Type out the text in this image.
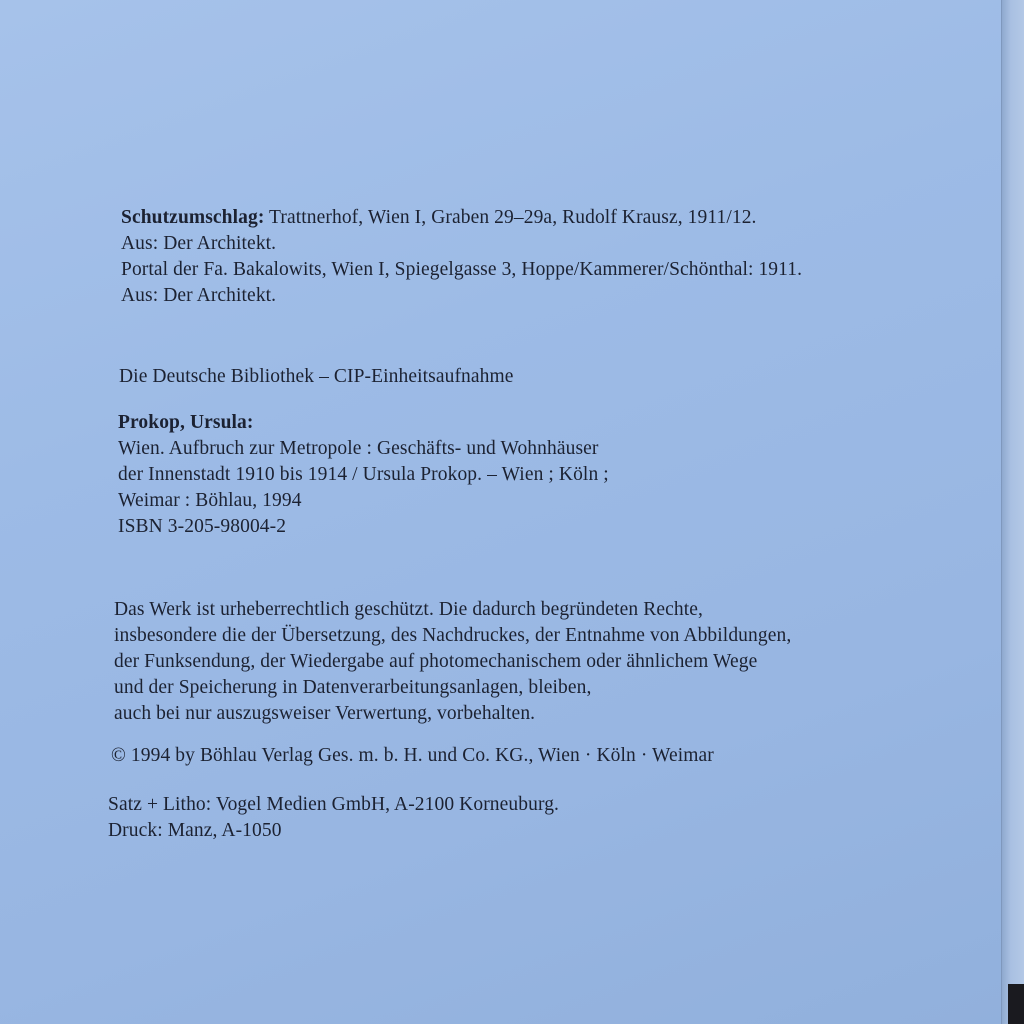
Schutzumschlag: Trattnerhof, Wien I, Graben 29–29a, Rudolf Krausz, 1911/12.
Aus: Der Architekt.
Portal der Fa. Bakalowits, Wien I, Spiegelgasse 3, Hoppe/Kammerer/Schönthal: 1911.
Aus: Der Architekt.
Die Deutsche Bibliothek – CIP-Einheitsaufnahme
Prokop, Ursula:
Wien. Aufbruch zur Metropole : Geschäfts- und Wohnhäuser
der Innenstadt 1910 bis 1914 / Ursula Prokop. – Wien ; Köln ;
Weimar : Böhlau, 1994
ISBN 3-205-98004-2
Das Werk ist urheberrechtlich geschützt. Die dadurch begründeten Rechte,
insbesondere die der Übersetzung, des Nachdruckes, der Entnahme von Abbildungen,
der Funksendung, der Wiedergabe auf photomechanischem oder ähnlichem Wege
und der Speicherung in Datenverarbeitungsanlagen, bleiben,
auch bei nur auszugsweiser Verwertung, vorbehalten.
© 1994 by Böhlau Verlag Ges. m. b. H. und Co. KG., Wien · Köln · Weimar
Satz + Litho: Vogel Medien GmbH, A-2100 Korneuburg.
Druck: Manz, A-1050
